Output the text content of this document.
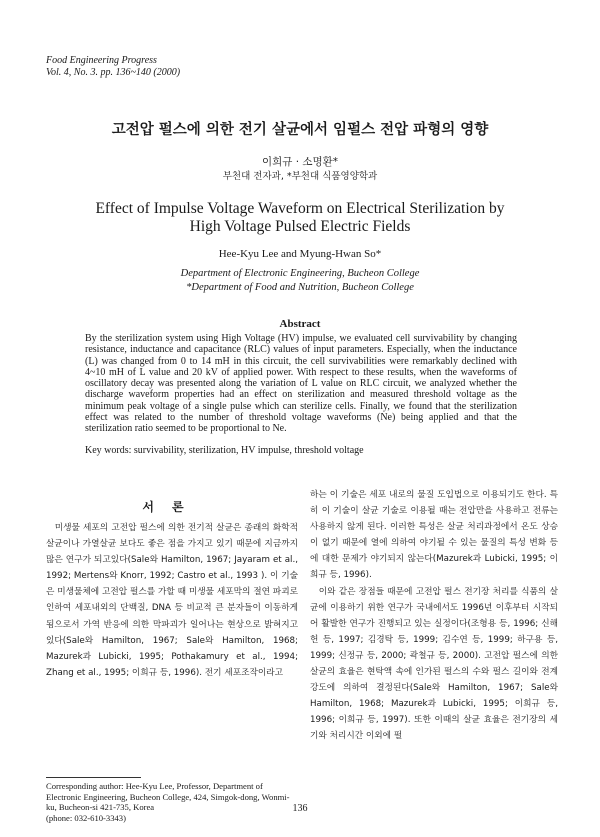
Food Engineering Progress
Vol. 4, No. 3. pp. 136~140 (2000)
고전압 펄스에 의한 전기 살균에서 임펄스 전압 파형의 영향
이희규 · 소명환*
부천대 전자과, *부천대 식품영양학과
Effect of Impulse Voltage Waveform on Electrical Sterilization by
High Voltage Pulsed Electric Fields
Hee-Kyu Lee and Myung-Hwan So*
Department of Electronic Engineering, Bucheon College
*Department of Food and Nutrition, Bucheon College
Abstract
By the sterilization system using High Voltage (HV) impulse, we evaluated cell survivability by changing resistance, inductance and capacitance (RLC) values of input parameters. Especially, when the inductance (L) was changed from 0 to 14 mH in this circuit, the cell survivabilities were remarkably declined with 4~10 mH of L value and 20 kV of applied power. With respect to these results, when the waveforms of oscillatory decay was presented along the variation of L value on RLC circuit, we analyzed whether the discharge waveform properties had an effect on sterilization and measured threshold voltage as the minimum peak voltage of a single pulse which can sterilize cells. Finally, we found that the sterilization effect was related to the number of threshold voltage waveforms (Ne) being applied and that the sterilization ratio seemed to be proportional to Ne.
Key words: survivability, sterilization, HV impulse, threshold voltage
서론

미생물 세포의 고전압 펄스에 의한 전기적 살균은 종래의 화학적 살균이나 가열살균 보다도 좋은 점을 가지고 있기 때문에 지금까지 많은 연구가 되고있다(Sale와 Hamilton, 1967; Jayaram et al., 1992; Mertens와 Knorr, 1992; Castro et al., 1993 ). 이 기술은 미생물체에 고전압 펄스를 가할 때 미생물 세포막의 절연 파괴로 인하여 세포내외의 단백질, DNA 등 비교적 큰 분자들이 이동하게 됨으로서 가역 반응에 의한 막파괴가 일어나는 현상으로 밝혀지고 있다(Sale와 Hamilton, 1967; Sale와 Hamilton, 1968; Mazurek과 Lubicki, 1995; Pothakamury et al., 1994; Zhang et al., 1995; 이희규 등, 1996). 전기 세포조작이라고

하는 이 기술은 세포 내로의 물질 도입법으로 이용되기도 한다. 특히 이 기술이 살균 기술로 이용될 때는 전압만을 사용하고 전류는 사용하지 않게 된다. 이러한 특성은 살균 처리과정에서 온도 상승이 없기 때문에 열에 의하여 야기될 수 있는 물질의 특성 변화 등에 대한 문제가 야기되지 않는다(Mazurek과 Lubicki, 1995; 이희규 등, 1996).

이와 같은 장점들 때문에 고전압 펄스 전기장 처리를 식품의 살균에 이용하기 위한 연구가 국내에서도 1996년 이후부터 시작되어 활발한 연구가 진행되고 있는 실정이다(조형용 등, 1996; 신해헌 등, 1997; 김경탁 등, 1999; 김수연 등, 1999; 하구용 등, 1999; 신정규 등, 2000; 곽철규 등, 2000). 고전압 펄스에 의한 살균의 효율은 현탁액 속에 인가된 펄스의 수와 펄스 길이와 전계 강도에 의하여 결정된다(Sale와 Hamilton, 1967; Sale와 Hamilton, 1968; Mazurek과 Lubicki, 1995; 이희규 등, 1996; 이희규 등, 1997). 또한 이때의 살균 효율은 전기장의 세기와 처리시간 이외에 펄

Corresponding author: Hee-Kyu Lee, Professor, Department of Electronic Engineering, Bucheon College, 424, Simgok-dong, Wonmi-ku, Bucheon-si 421-735, Korea
(phone: 032-610-3343)
136
